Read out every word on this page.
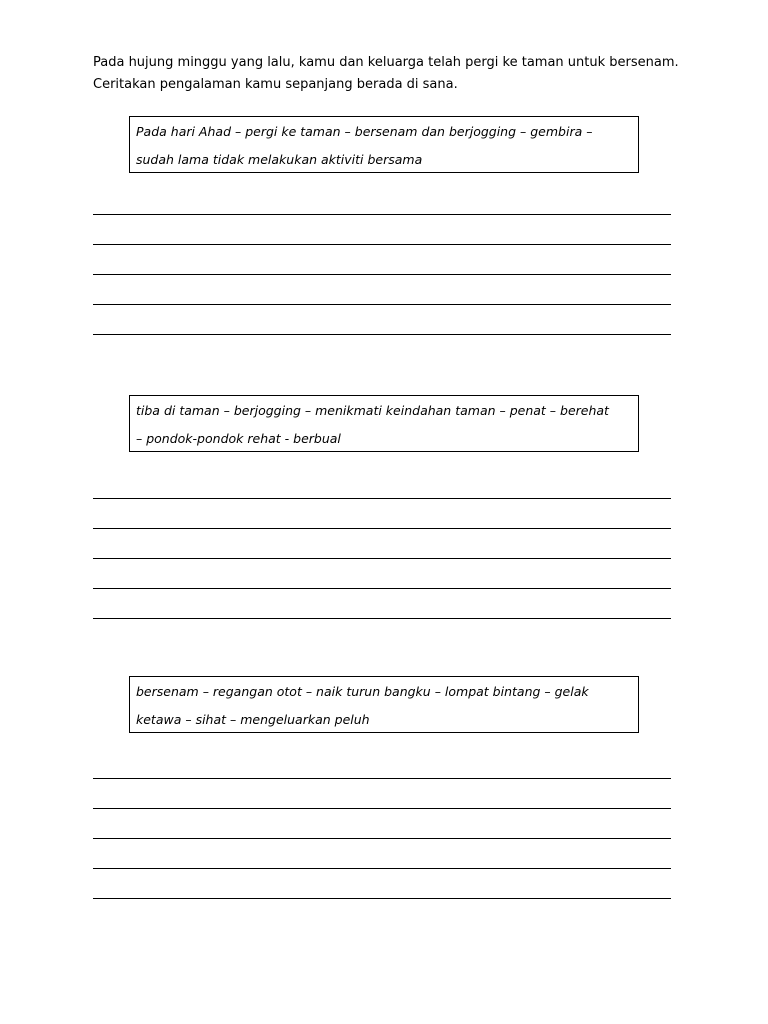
Pada hujung minggu yang lalu, kamu dan keluarga telah pergi ke taman untuk bersenam.
Ceritakan pengalaman kamu sepanjang berada di sana.

Pada hari Ahad – pergi ke taman – bersenam dan berjogging – gembira –
sudah lama tidak melakukan aktiviti bersama
tiba di taman – berjogging – menikmati keindahan taman – penat – berehat
– pondok-pondok rehat - berbual
bersenam – regangan otot – naik turun bangku – lompat bintang – gelak
ketawa – sihat – mengeluarkan peluh
